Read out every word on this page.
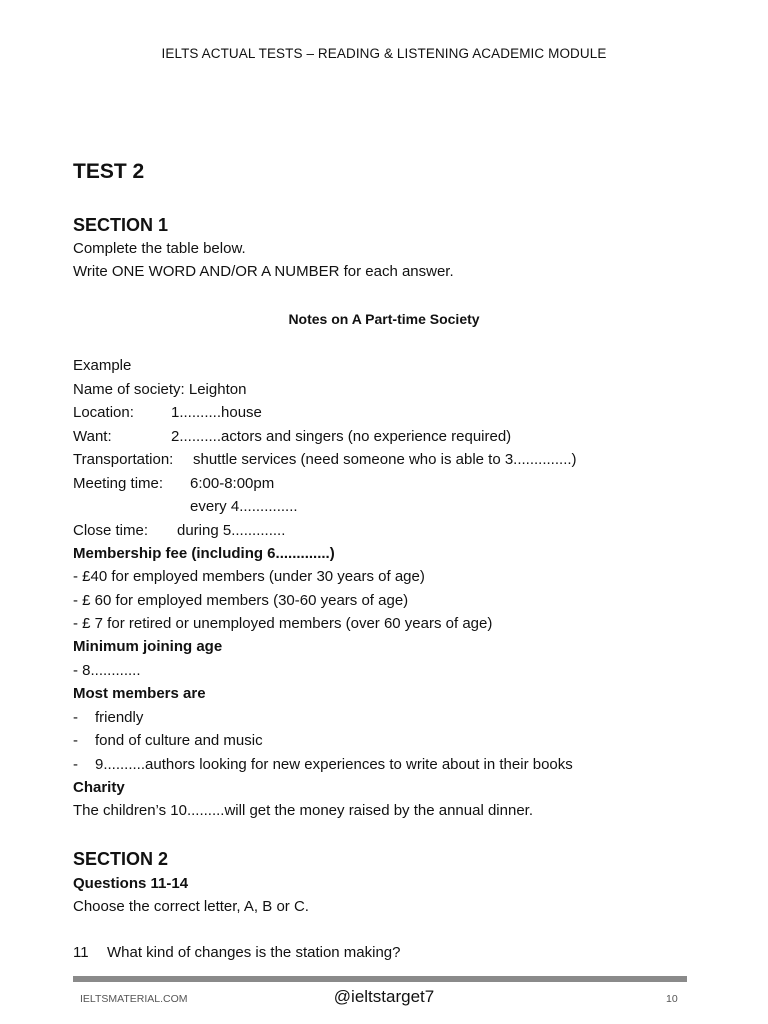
IELTS ACTUAL TESTS – READING & LISTENING ACADEMIC MODULE
TEST 2
SECTION 1
Complete the table below.
Write ONE WORD AND/OR A NUMBER for each answer.
Notes on A Part-time Society
Example
Name of society: Leighton
Location: 1..........house
Want:	2..........actors and singers (no experience required)
Transportation: shuttle services (need someone who is able to 3..............)
Meeting time: 6:00-8:00pm
every 4..............
Close time: during 5.............
Membership fee (including 6.............)
- £40 for employed members (under 30 years of age)
- £ 60 for employed members (30-60 years of age)
- £ 7 for retired or unemployed members (over 60 years of age)
Minimum joining age
- 8............
Most members are
- friendly
- fond of culture and music
- 9..........authors looking for new experiences to write about in their books
Charity
The children’s 10.........will get the money raised by the annual dinner.
SECTION 2
Questions 11-14
Choose the correct letter, A, B or C.
11 What kind of changes is the station making?
IELTSMATERIAL.COM	@ieltstarget7	10
